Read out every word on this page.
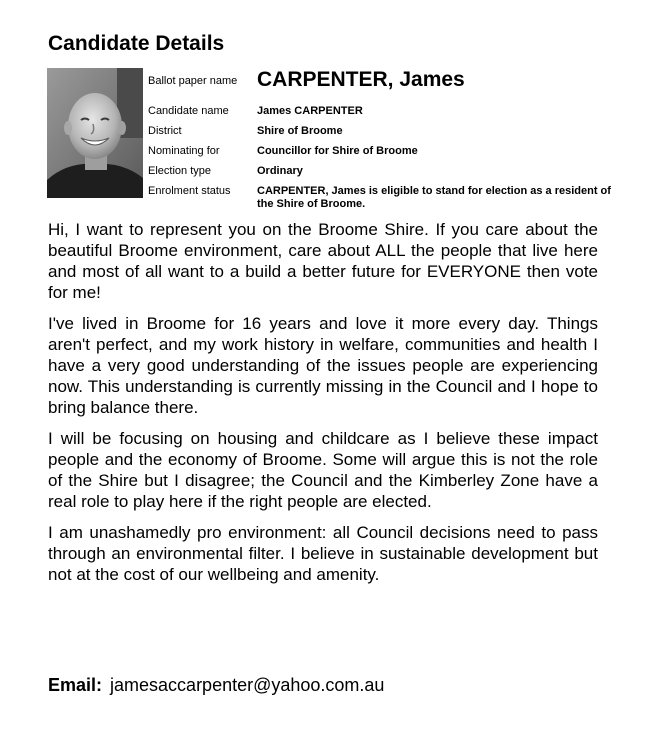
Candidate Details
Ballot paper name CARPENTER, James
Candidate name	James CARPENTER
District	Shire of Broome
Nominating for	Councillor for Shire of Broome
Election type	Ordinary
Enrolment status	CARPENTER, James is eligible to stand for election as a resident of the Shire of Broome.

Hi, I want to represent you on the Broome Shire. If you care about the beautiful Broome environment, care about ALL the people that live here and most of all want to a build a better future for EVERYONE then vote for me!

I've lived in Broome for 16 years and love it more every day. Things aren't perfect, and my work history in welfare, communities and health I have a very good understanding of the issues people are experiencing now. This understanding is currently missing in the Council and I hope to bring balance there.

I will be focusing on housing and childcare as I believe these impact people and the economy of Broome. Some will argue this is not the role of the Shire but I disagree; the Council and the Kimberley Zone have a real role to play here if the right people are elected.

I am unashamedly pro environment: all Council decisions need to pass through an environmental filter. I believe in sustainable development but not at the cost of our wellbeing and amenity.

Email: jamesaccarpenter@yahoo.com.au
